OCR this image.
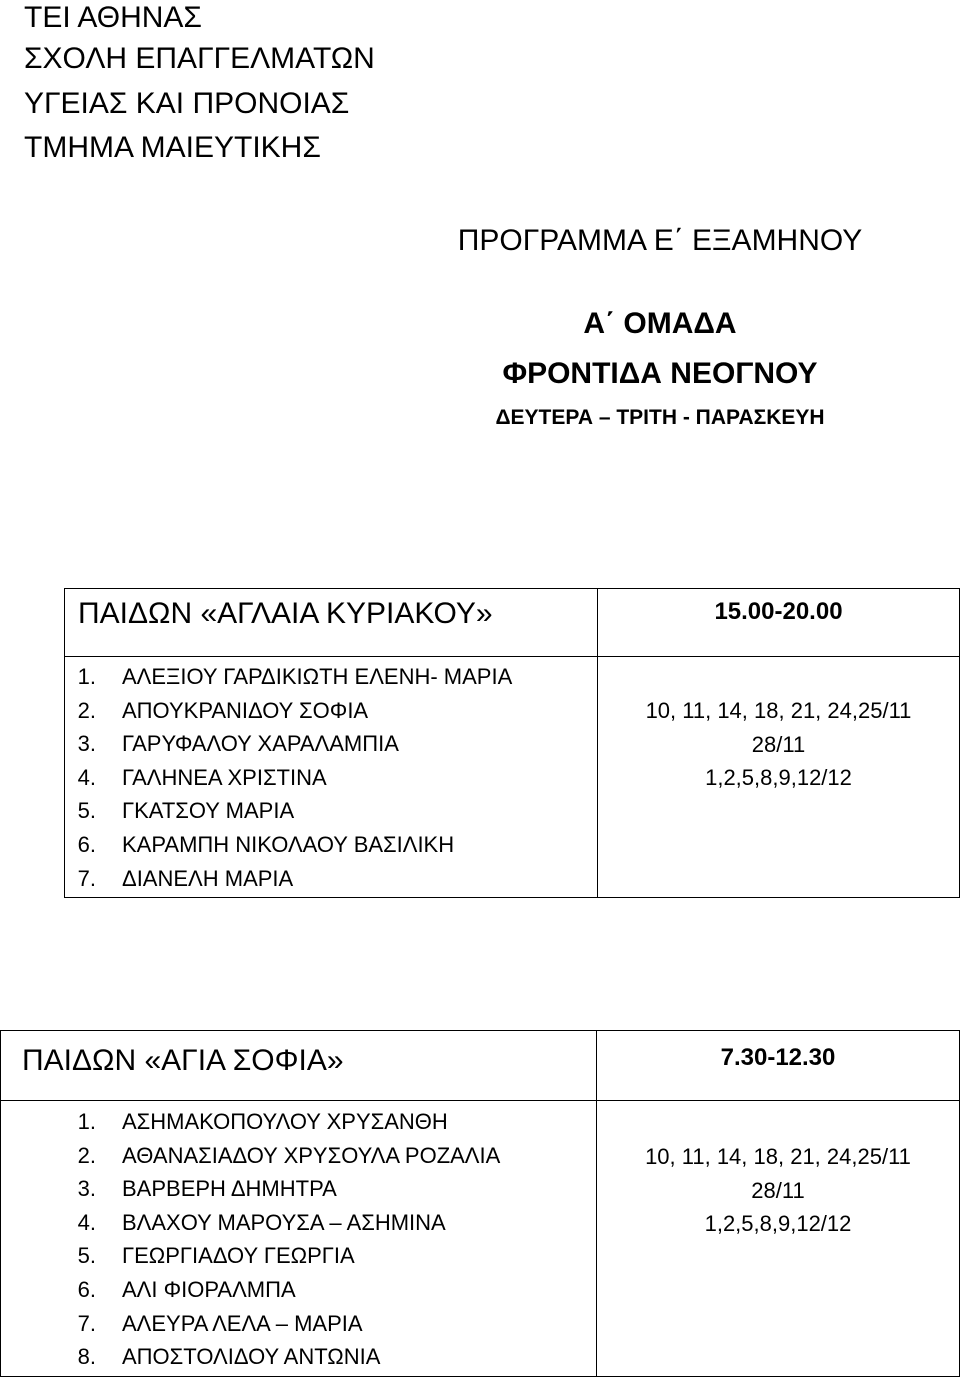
ΤΕΙ ΑΘΗΝΑΣ
ΣΧΟΛΗ ΕΠΑΓΓΕΛΜΑΤΩΝ
ΥΓΕΙΑΣ ΚΑΙ ΠΡΟΝΟΙΑΣ
ΤΜΗΜΑ ΜΑΙΕΥΤΙΚΗΣ
ΠΡΟΓΡΑΜΜΑ Ε΄ ΕΞΑΜΗΝΟΥ
Α΄ ΟΜΑΔΑ
ΦΡΟΝΤΙΔΑ ΝΕΟΓΝΟΥ
ΔΕΥΤΕΡΑ – ΤΡΙΤΗ - ΠΑΡΑΣΚΕΥΗ
ΠΑΙΔΩΝ «ΑΓΛΑΙΑ ΚΥΡΙΑΚΟΥ»	15.00-20.00
1. ΑΛΕΞΙΟΥ ΓΑΡΔΙΚΙΩΤΗ ΕΛΕΝΗ- ΜΑΡΙΑ
2. ΑΠΟΥΚΡΑΝΙΔΟΥ ΣΟΦΙΑ
3. ΓΑΡΥΦΑΛΟΥ ΧΑΡΑΛΑΜΠΙΑ
4. ΓΑΛΗΝΕΑ ΧΡΙΣΤΙΝΑ
5. ΓΚΑΤΣΟΥ ΜΑΡΙΑ
6. ΚΑΡΑΜΠΗ ΝΙΚΟΛΑΟΥ ΒΑΣΙΛΙΚΗ
7. ΔΙΑΝΕΛΗ ΜΑΡΙΑ
10, 11, 14, 18, 21, 24,25/11
28/11
1,2,5,8,9,12/12
ΠΑΙΔΩΝ «ΑΓΙΑ ΣΟΦΙΑ»	7.30-12.30
1. ΑΣΗΜΑΚΟΠΟΥΛΟΥ ΧΡΥΣΑΝΘΗ
2. ΑΘΑΝΑΣΙΑΔΟΥ ΧΡΥΣΟΥΛΑ ΡΟΖΑΛΙΑ
3. ΒΑΡΒΕΡΗ ΔΗΜΗΤΡΑ
4. ΒΛΑΧΟΥ ΜΑΡΟΥΣΑ – ΑΣΗΜΙΝΑ
5. ΓΕΩΡΓΙΑΔΟΥ ΓΕΩΡΓΙΑ
6. ΑΛΙ ΦΙΟΡΑΛΜΠΑ
7. ΑΛΕΥΡΑ ΛΕΛΑ – ΜΑΡΙΑ
8. ΑΠΟΣΤΟΛΙΔΟΥ ΑΝΤΩΝΙΑ
10, 11, 14, 18, 21, 24,25/11
28/11
1,2,5,8,9,12/12
